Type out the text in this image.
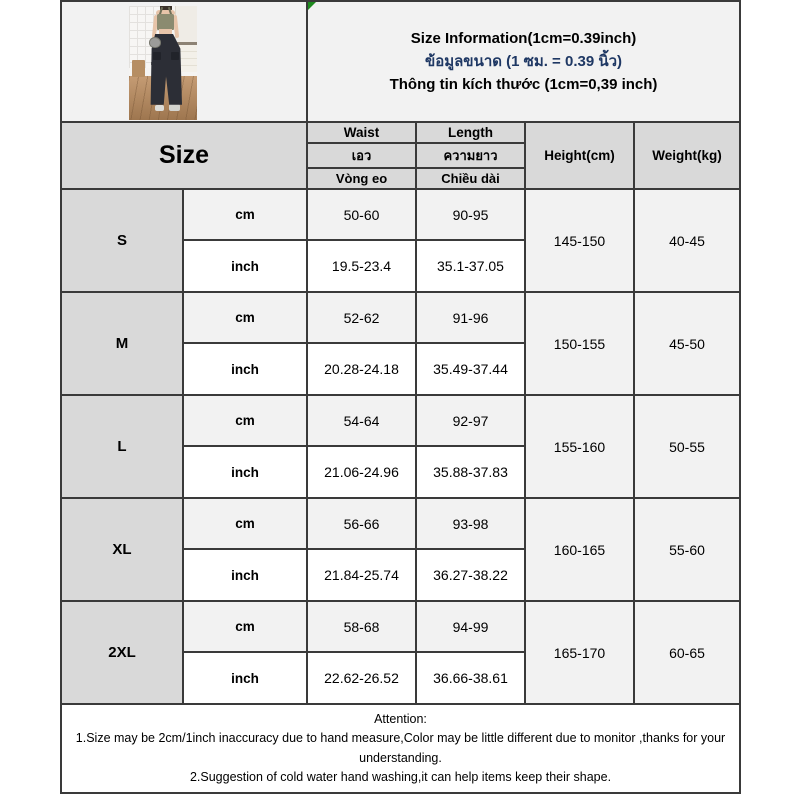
		Size Information(1cm=0.39inch)
ข้อมูลขนาด (1 ซม. = 0.39 นิ้ว)
Thông tin kích thước (1cm=0,39 inch)			

Size		Waist	Length	Height(cm)	Weight(kg)
		เอว	ความยาว		
		Vòng eo	Chiều dài		
S	cm	50-60	90-95	145-150	40-45
	inch	19.5-23.4	35.1-37.05		
M	cm	52-62	91-96	150-155	45-50
	inch	20.28-24.18	35.49-37.44		
L	cm	54-64	92-97	155-160	50-55
	inch	21.06-24.96	35.88-37.83		
XL	cm	56-66	93-98	160-165	55-60
	inch	21.84-25.74	36.27-38.22		
2XL	cm	58-68	94-99	165-170	60-65
	inch	22.62-26.52	36.66-38.61		

Attention:
1.Size may be 2cm/1inch inaccuracy due to hand measure,Color may be little different due to monitor ,thanks for your understanding.
2.Suggestion of cold water hand washing,it can help items keep their shape.					
